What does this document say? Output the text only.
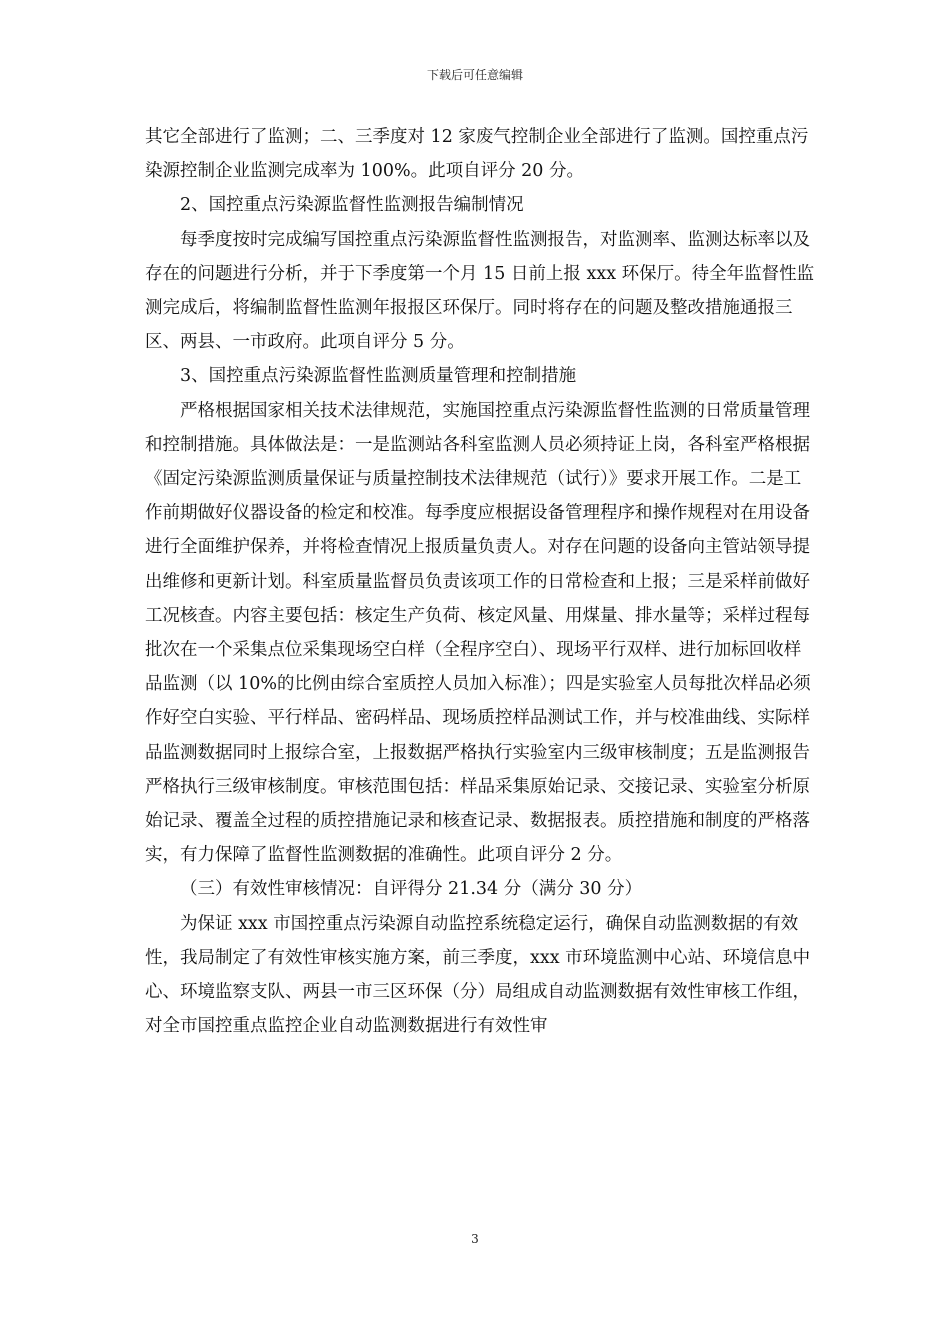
下载后可任意编辑

其它全部进行了监测；二、三季度对 12 家废气控制企业全部进行了监测。国控重点污染源控制企业监测完成率为 100%。此项自评分 20 分。

2、国控重点污染源监督性监测报告编制情况

每季度按时完成编写国控重点污染源监督性监测报告，对监测率、监测达标率以及存在的问题进行分析，并于下季度第一个月 15 日前上报 xxx 环保厅。待全年监督性监测完成后，将编制监督性监测年报报区环保厅。同时将存在的问题及整改措施通报三区、两县、一市政府。此项自评分 5 分。

3、国控重点污染源监督性监测质量管理和控制措施

严格根据国家相关技术法律规范，实施国控重点污染源监督性监测的日常质量管理和控制措施。具体做法是：一是监测站各科室监测人员必须持证上岗，各科室严格根据《固定污染源监测质量保证与质量控制技术法律规范（试行）》要求开展工作。二是工作前期做好仪器设备的检定和校准。每季度应根据设备管理程序和操作规程对在用设备进行全面维护保养，并将检查情况上报质量负责人。对存在问题的设备向主管站领导提出维修和更新计划。科室质量监督员负责该项工作的日常检查和上报；三是采样前做好工况核查。内容主要包括：核定生产负荷、核定风量、用煤量、排水量等；采样过程每批次在一个采集点位采集现场空白样（全程序空白）、现场平行双样、进行加标回收样品监测（以 10%的比例由综合室质控人员加入标准）；四是实验室人员每批次样品必须作好空白实验、平行样品、密码样品、现场质控样品测试工作，并与校准曲线、实际样品监测数据同时上报综合室，上报数据严格执行实验室内三级审核制度；五是监测报告严格执行三级审核制度。审核范围包括：样品采集原始记录、交接记录、实验室分析原始记录、覆盖全过程的质控措施记录和核查记录、数据报表。质控措施和制度的严格落实，有力保障了监督性监测数据的准确性。此项自评分 2 分。

（三）有效性审核情况：自评得分 21.34 分（满分 30 分）

为保证 xxx 市国控重点污染源自动监控系统稳定运行，确保自动监测数据的有效性，我局制定了有效性审核实施方案，前三季度，xxx 市环境监测中心站、环境信息中心、环境监察支队、两县一市三区环保（分）局组成自动监测数据有效性审核工作组，对全市国控重点监控企业自动监测数据进行有效性审

3
